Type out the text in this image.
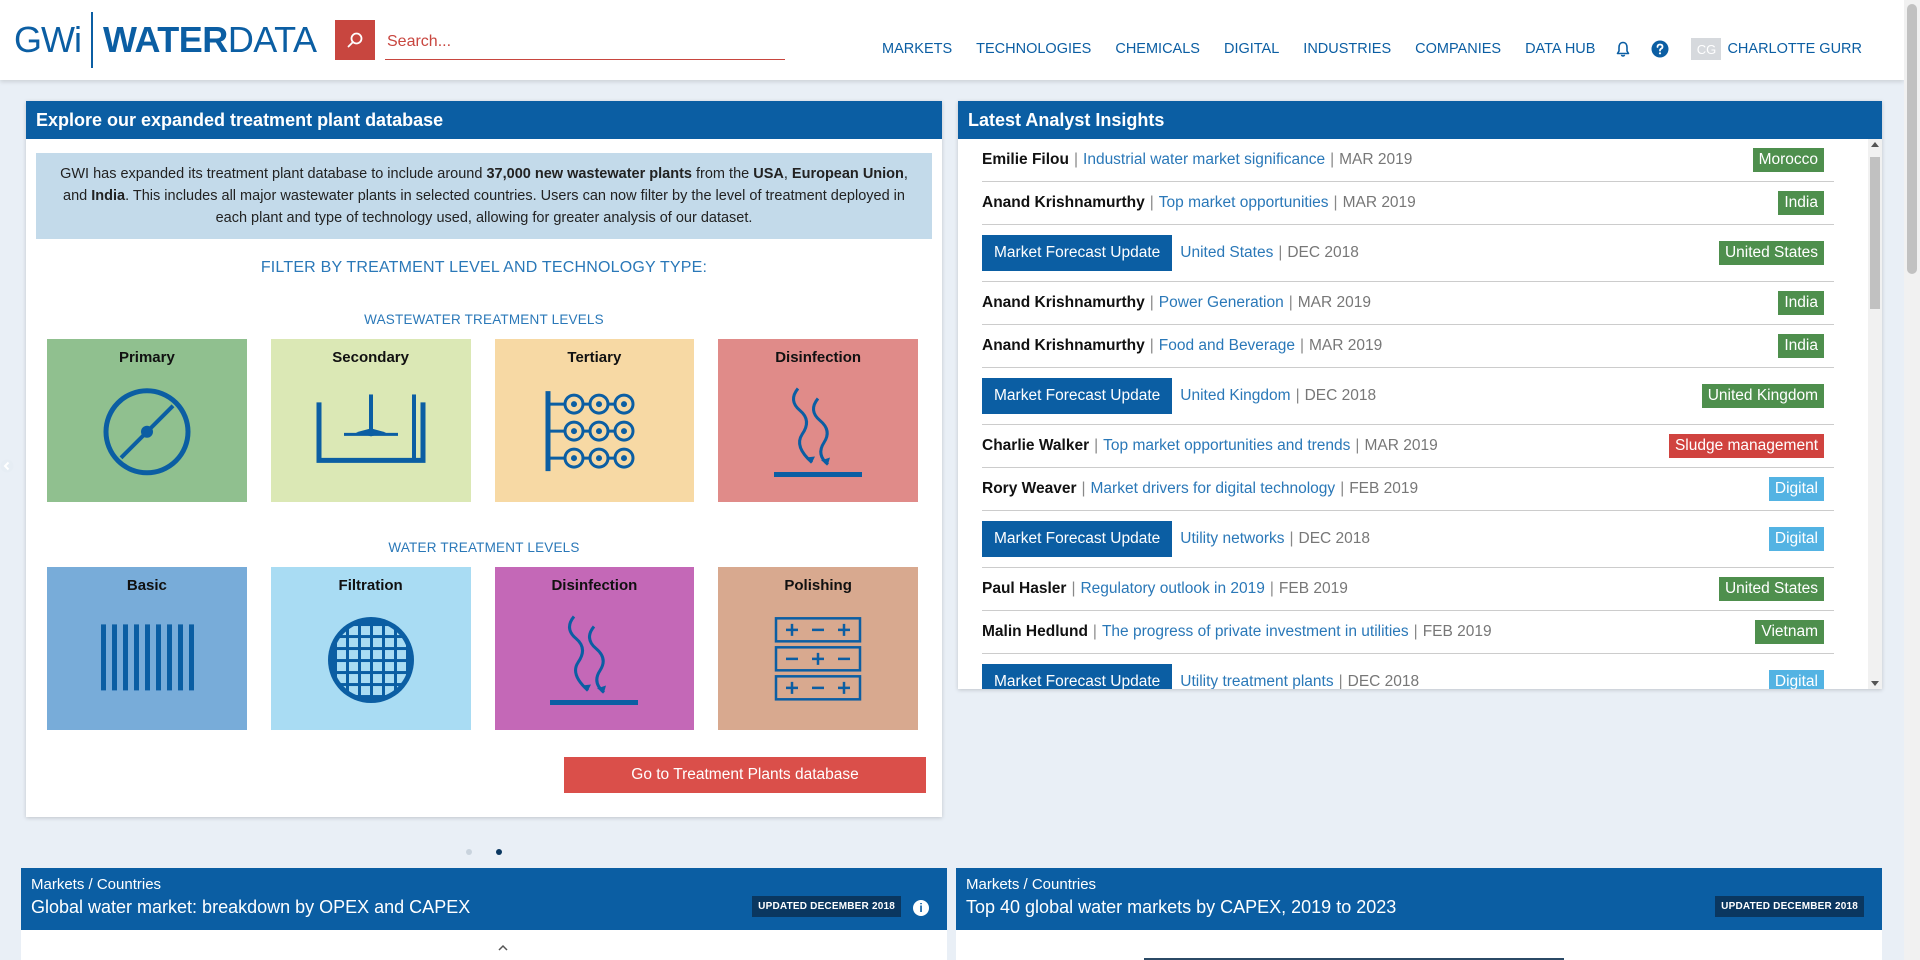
GWi WATER DATA
Search...	MARKETS TECHNOLOGIES CHEMICALS DIGITAL INDUSTRIES COMPANIES DATA HUB	CG CHARLOTTE GURR
Explore our expanded treatment plant database
GWI has expanded its treatment plant database to include around 37,000 new wastewater plants from the USA, European Union, and India. This includes all major wastewater plants in selected countries. Users can now filter by the level of treatment deployed in each plant and type of technology used, allowing for greater analysis of our dataset.
FILTER BY TREATMENT LEVEL AND TECHNOLOGY TYPE:
WASTEWATER TREATMENT LEVELS
Primary	Secondary	Tertiary	Disinfection
WATER TREATMENT LEVELS
Basic	Filtration	Disinfection	Polishing
Go to Treatment Plants database
Latest Analyst Insights
Emilie Filou | Industrial water market significance | MAR 2019	Morocco
Anand Krishnamurthy | Top market opportunities | MAR 2019	India
Market Forecast Update	United States | DEC 2018	United States
Anand Krishnamurthy | Power Generation | MAR 2019	India
Anand Krishnamurthy | Food and Beverage | MAR 2019	India
Market Forecast Update	United Kingdom | DEC 2018	United Kingdom
Charlie Walker | Top market opportunities and trends | MAR 2019	Sludge management
Rory Weaver | Market drivers for digital technology | FEB 2019	Digital
Market Forecast Update	Utility networks | DEC 2018	Digital
Paul Hasler | Regulatory outlook in 2019 | FEB 2019	United States
Malin Hedlund | The progress of private investment in utilities | FEB 2019	Vietnam
Market Forecast Update	Utility treatment plants | DEC 2018	Digital
Markets / Countries
Global water market: breakdown by OPEX and CAPEX	UPDATED DECEMBER 2018	i
Markets / Countries
Top 40 global water markets by CAPEX, 2019 to 2023	UPDATED DECEMBER 2018
